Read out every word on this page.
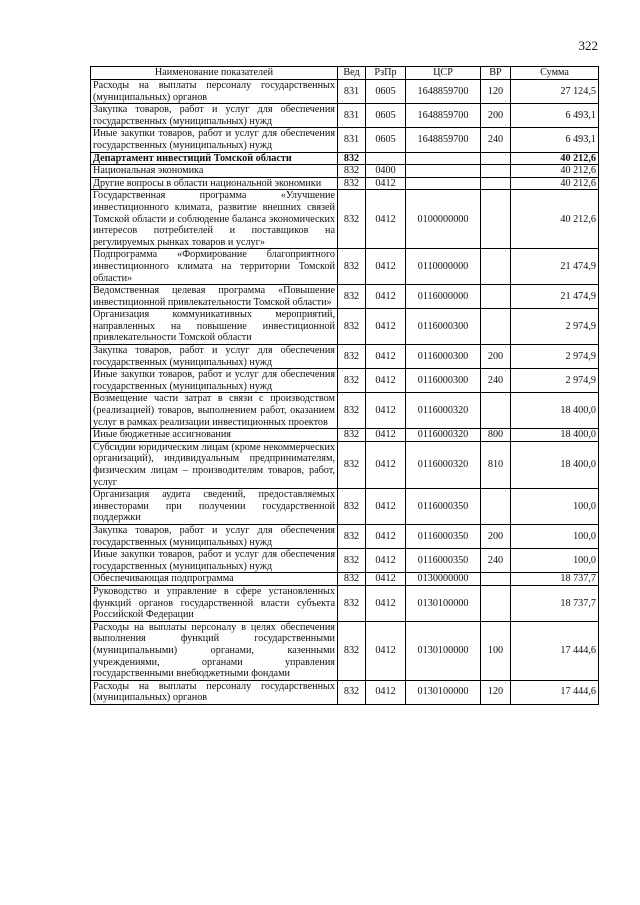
322
Наименование показателей	Вед	РзПр	ЦСР	ВР	Сумма
Расходы на выплаты персоналу государственных (муниципальных) органов	831	0605	1648859700	120	27 124,5
Закупка товаров, работ и услуг для обеспечения государственных (муниципальных) нужд	831	0605	1648859700	200	6 493,1
Иные закупки товаров, работ и услуг для обеспечения государственных (муниципальных) нужд	831	0605	1648859700	240	6 493,1
Департамент инвестиций Томской области	832				40 212,6
Национальная экономика	832	0400			40 212,6
Другие вопросы в области национальной экономики	832	0412			40 212,6
Государственная программа «Улучшение инвестиционного климата, развитие внешних связей Томской области и соблюдение баланса экономических интересов потребителей и поставщиков на регулируемых рынках товаров и услуг»	832	0412	0100000000		40 212,6
Подпрограмма «Формирование благоприятного инвестиционного климата на территории Томской области»	832	0412	0110000000		21 474,9
Ведомственная целевая программа «Повышение инвестиционной привлекательности Томской области»	832	0412	0116000000		21 474,9
Организация коммуникативных мероприятий, направленных на повышение инвестиционной привлекательности Томской области	832	0412	0116000300		2 974,9
Закупка товаров, работ и услуг для обеспечения государственных (муниципальных) нужд	832	0412	0116000300	200	2 974,9
Иные закупки товаров, работ и услуг для обеспечения государственных (муниципальных) нужд	832	0412	0116000300	240	2 974,9
Возмещение части затрат в связи с производством (реализацией) товаров, выполнением работ, оказанием услуг в рамках реализации инвестиционных проектов	832	0412	0116000320		18 400,0
Иные бюджетные ассигнования	832	0412	0116000320	800	18 400,0
Субсидии юридическим лицам (кроме некоммерческих организаций), индивидуальным предпринимателям, физическим лицам – производителям товаров, работ, услуг	832	0412	0116000320	810	18 400,0
Организация аудита сведений, предоставляемых инвесторами при получении государственной поддержки	832	0412	0116000350		100,0
Закупка товаров, работ и услуг для обеспечения государственных (муниципальных) нужд	832	0412	0116000350	200	100,0
Иные закупки товаров, работ и услуг для обеспечения государственных (муниципальных) нужд	832	0412	0116000350	240	100,0
Обеспечивающая подпрограмма	832	0412	0130000000		18 737,7
Руководство и управление в сфере установленных функций органов государственной власти субъекта Российской Федерации	832	0412	0130100000		18 737,7
Расходы на выплаты персоналу в целях обеспечения выполнения функций государственными (муниципальными) органами, казенными учреждениями, органами управления государственными внебюджетными фондами	832	0412	0130100000	100	17 444,6
Расходы на выплаты персоналу государственных (муниципальных) органов	832	0412	0130100000	120	17 444,6
